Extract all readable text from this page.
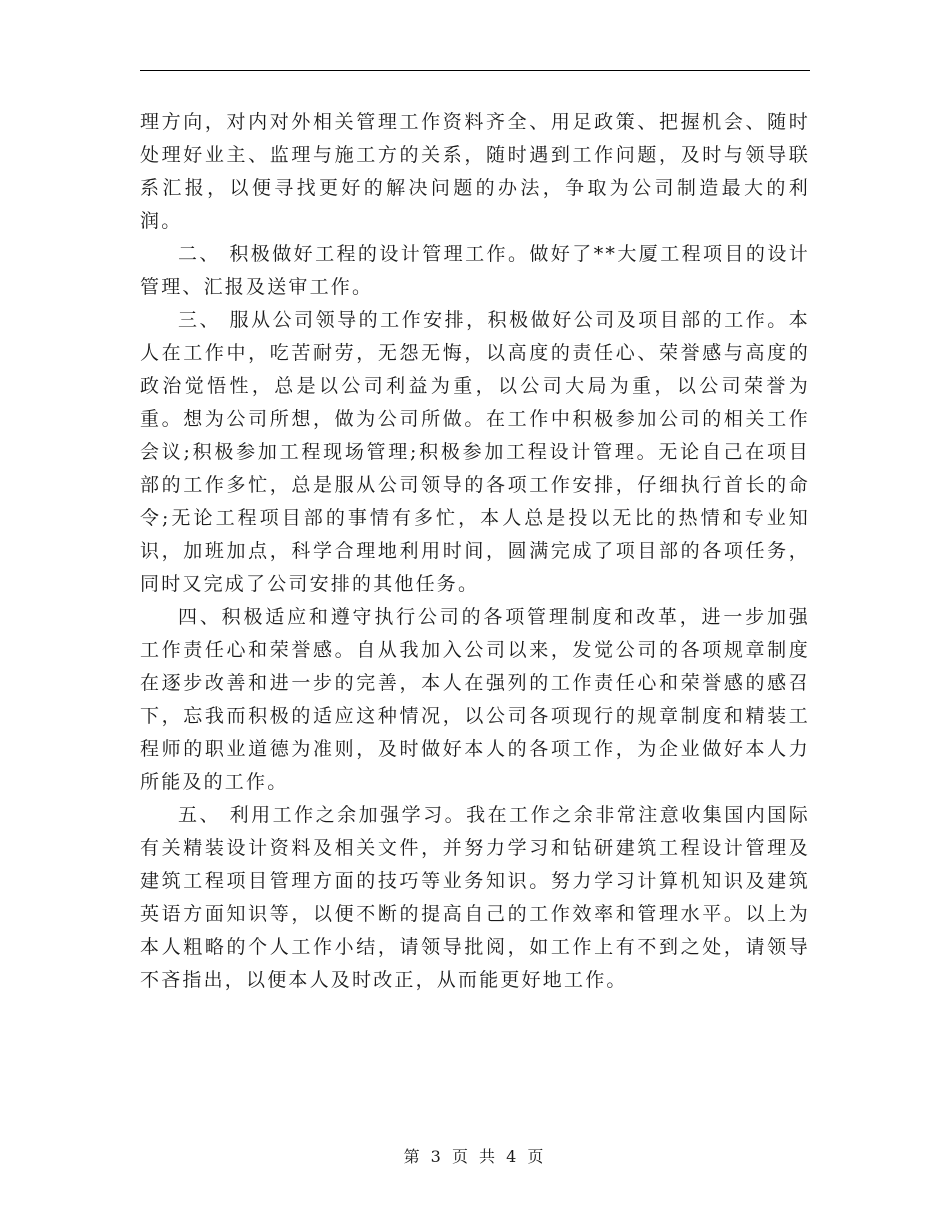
理方向，对内对外相关管理工作资料齐全、用足政策、把握机会、随时处理好业主、监理与施工方的关系，随时遇到工作问题，及时与领导联系汇报，以便寻找更好的解决问题的办法，争取为公司制造最大的利润。

二、 积极做好工程的设计管理工作。做好了**大厦工程项目的设计管理、汇报及送审工作。

三、 服从公司领导的工作安排，积极做好公司及项目部的工作。本人在工作中，吃苦耐劳，无怨无悔，以高度的责任心、荣誉感与高度的政治觉悟性，总是以公司利益为重，以公司大局为重，以公司荣誉为重。想为公司所想，做为公司所做。在工作中积极参加公司的相关工作会议;积极参加工程现场管理;积极参加工程设计管理。无论自己在项目部的工作多忙，总是服从公司领导的各项工作安排，仔细执行首长的命令;无论工程项目部的事情有多忙，本人总是投以无比的热情和专业知识，加班加点，科学合理地利用时间，圆满完成了项目部的各项任务，同时又完成了公司安排的其他任务。

四、积极适应和遵守执行公司的各项管理制度和改革，进一步加强工作责任心和荣誉感。自从我加入公司以来，发觉公司的各项规章制度在逐步改善和进一步的完善，本人在强列的工作责任心和荣誉感的感召下，忘我而积极的适应这种情况，以公司各项现行的规章制度和精装工程师的职业道德为准则，及时做好本人的各项工作，为企业做好本人力所能及的工作。

五、 利用工作之余加强学习。我在工作之余非常注意收集国内国际有关精装设计资料及相关文件，并努力学习和钻研建筑工程设计管理及建筑工程项目管理方面的技巧等业务知识。努力学习计算机知识及建筑英语方面知识等，以便不断的提高自己的工作效率和管理水平。以上为本人粗略的个人工作小结，请领导批阅，如工作上有不到之处，请领导不吝指出，以便本人及时改正，从而能更好地工作。

第 3 页 共 4 页
